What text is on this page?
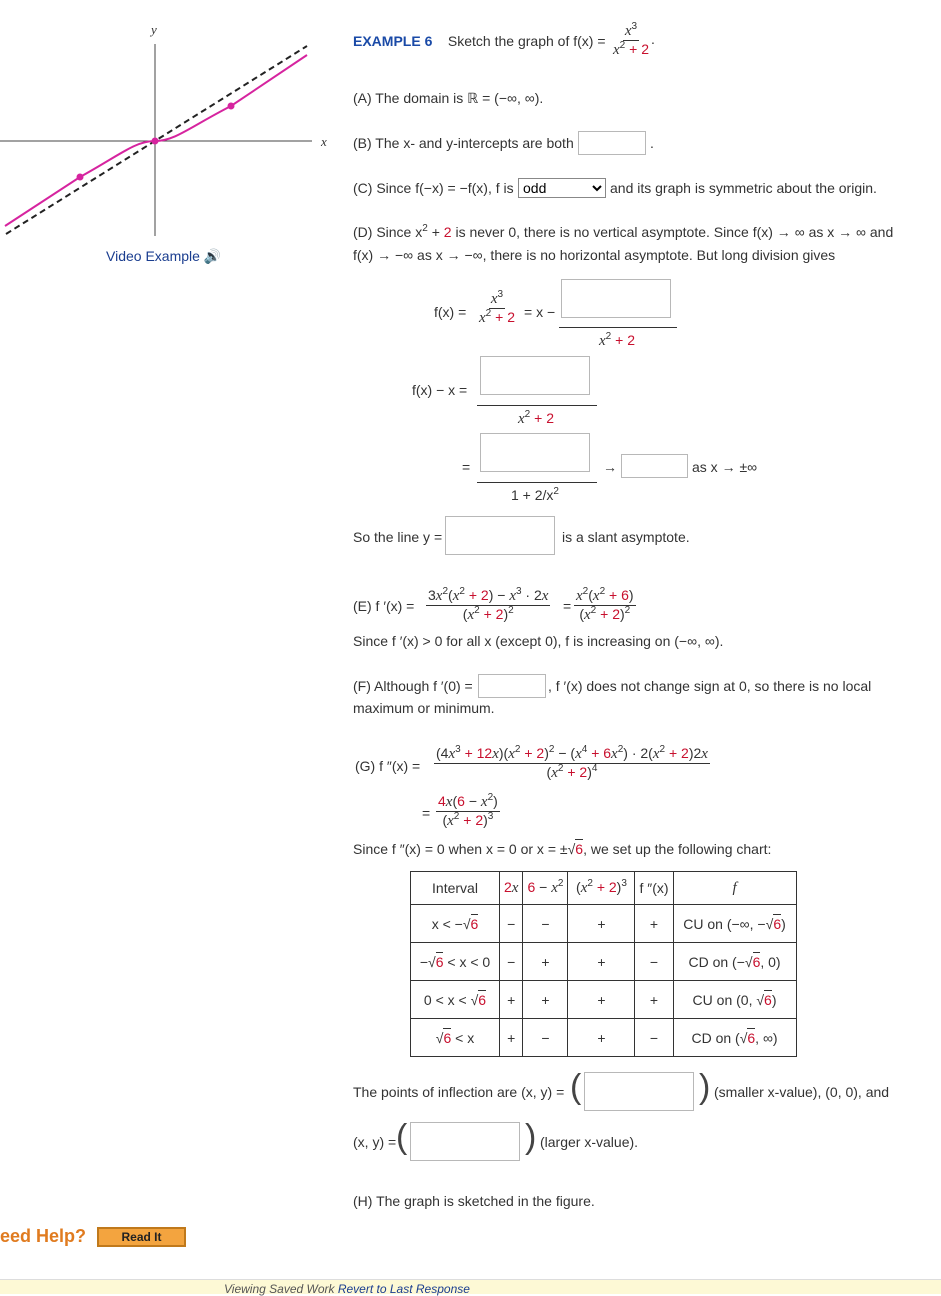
y
x
Video Example 🔊
EXAMPLE 6 Sketch the graph of $f(x) = \frac{x^3}{x^2 + 2}$ .
(A) The domain is ℝ = (−∞, ∞).
(B) The x- and y-intercepts are both	.
(C) Since f(−x) = −f(x), f is
odd	and its graph is symmetric about the origin.
(D) Since $x^2 + 2$ is never 0, there is no vertical asymptote. Since f(x) → ∞ as x → ∞ and
f(x) → −∞ as x → −∞, there is no horizontal asymptote. But long division gives
$f(x) = \frac{x^3}{x^2 + 2} = x$ −
$x^2 + 2$
f(x) − x =
$x^2 + 2$
=
$1 + 2/x^2$
→	as x → ±∞
So the line y =	is a slant asymptote.
(E) f $'(x) = \frac{3x^2(x^2 + 2) - x^3 \cdot 2x}{(x^2 + 2)^2} = \frac{x^2(x^2 + 6)}{(x^2 + 2)^2}$
Since f ′(x) > 0 for all x (except 0), f is increasing on (−∞, ∞).
(F) Although f ′(0) =	, f ′(x) does not change sign at 0, so there is no local
maximum or minimum.
(G) f $''(x) = \frac{(4x^3 + 12x)(x^2 + 2)^2 - (x^4 + 6x^2) \cdot 2(x^2 + 2)2x}{(x^2 + 2)^4}$
= $\frac{4x(6 - x^2)}{(x^2 + 2)^3}$
Since f ″(x) = 0 when x = 0 or x = ±√6, we set up the following chart:
Interval	2x	$6 - x^2$	$(x^2 + 2)^3$	f ″(x)	f
x < −√6	−	−	+	+	CU on (−∞, −√6)
−√6 < x < 0	−	+	+	−	CD on (−√6, 0)
0 < x < √6	+	+	+	+	CU on (0, √6)
√6 < x	+	−	+	−	CD on (√6, ∞)
The points of inflection are (x, y) = (	) (smaller x-value), (0, 0), and
(x, y) = (	) (larger x-value).
(H) The graph is sketched in the figure.
eed Help?	Read It
Viewing Saved Work Revert to Last Response
